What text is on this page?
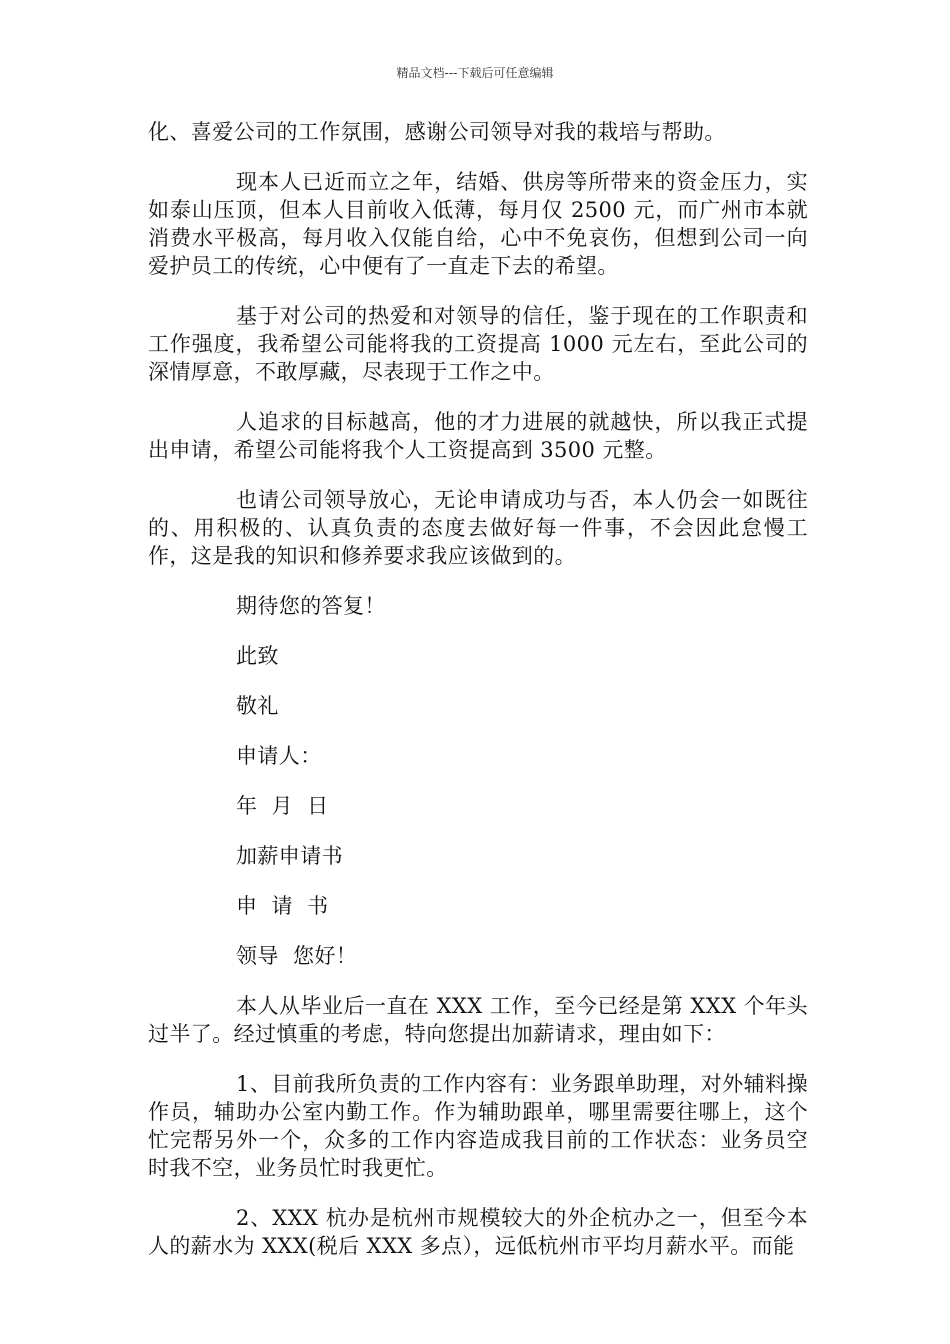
精品文档---下载后可任意编辑

化、喜爱公司的工作氛围，感谢公司领导对我的栽培与帮助。

现本人已近而立之年，结婚、供房等所带来的资金压力，实如泰山压顶，但本人目前收入低薄，每月仅 2500 元，而广州市本就消费水平极高，每月收入仅能自给，心中不免哀伤，但想到公司一向爱护员工的传统，心中便有了一直走下去的希望。

基于对公司的热爱和对领导的信任，鉴于现在的工作职责和工作强度，我希望公司能将我的工资提高 1000 元左右，至此公司的深情厚意，不敢厚藏，尽表现于工作之中。

人追求的目标越高，他的才力进展的就越快，所以我正式提出申请，希望公司能将我个人工资提高到 3500 元整。

也请公司领导放心，无论申请成功与否，本人仍会一如既往的、用积极的、认真负责的态度去做好每一件事，不会因此怠慢工作，这是我的知识和修养要求我应该做到的。

期待您的答复！
此致
敬礼
申请人：
年  月  日
加薪申请书
申  请  书
领导  您好！

本人从毕业后一直在 XXX 工作，至今已经是第 XXX 个年头过半了。经过慎重的考虑，特向您提出加薪请求，理由如下：

1、目前我所负责的工作内容有：业务跟单助理，对外辅料操作员，辅助办公室内勤工作。作为辅助跟单，哪里需要往哪上，这个忙完帮另外一个，众多的工作内容造成我目前的工作状态：业务员空时我不空，业务员忙时我更忙。

2、XXX 杭办是杭州市规模较大的外企杭办之一，但至今本人的薪水为 XXX(税后 XXX 多点），远低杭州市平均月薪水平。而能
